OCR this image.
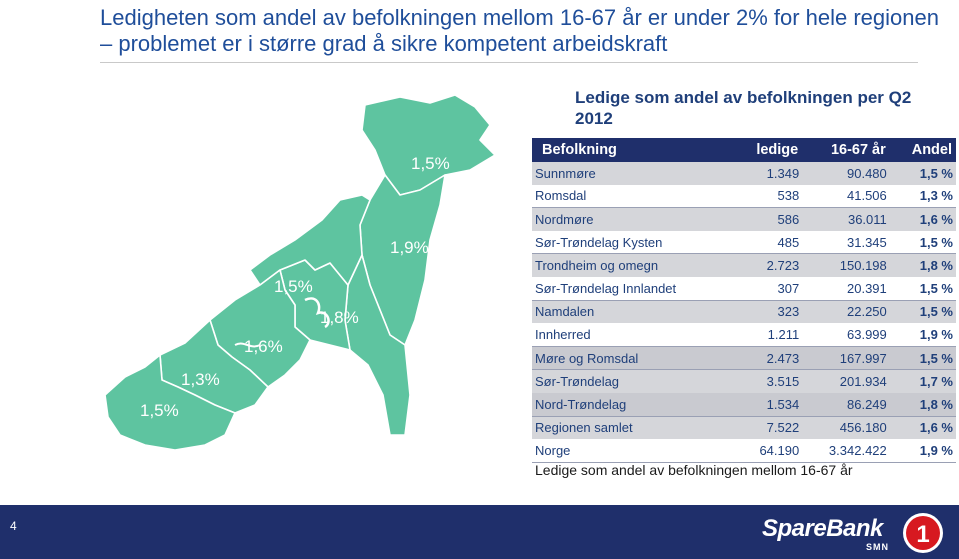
Ledigheten som andel av befolkningen mellom 16-67 år er under 2% for hele regionen – problemet er i større grad å sikre kompetent arbeidskraft
1,5%
1,3%
1,6%
1,5%
1,8%
1,5%
1,9%
1,5%
Ledige som andel av befolkningen per Q2 2012
Befolkning	ledige	16-67 år	Andel
Sunnmøre	1.349	90.480	1,5 %
Romsdal	538	41.506	1,3 %
Nordmøre	586	36.011	1,6 %
Sør-Trøndelag Kysten	485	31.345	1,5 %
Trondheim og omegn	2.723	150.198	1,8 %
Sør-Trøndelag Innlandet	307	20.391	1,5 %
Namdalen	323	22.250	1,5 %
Innherred	1.211	63.999	1,9 %
Møre og Romsdal	2.473	167.997	1,5 %
Sør-Trøndelag	3.515	201.934	1,7 %
Nord-Trøndelag	1.534	86.249	1,8 %
Regionen samlet	7.522	456.180	1,6 %
Norge	64.190	3.342.422	1,9 %
Ledige som andel av befolkningen mellom 16-67 år
4	SpareBank
SMN 1
